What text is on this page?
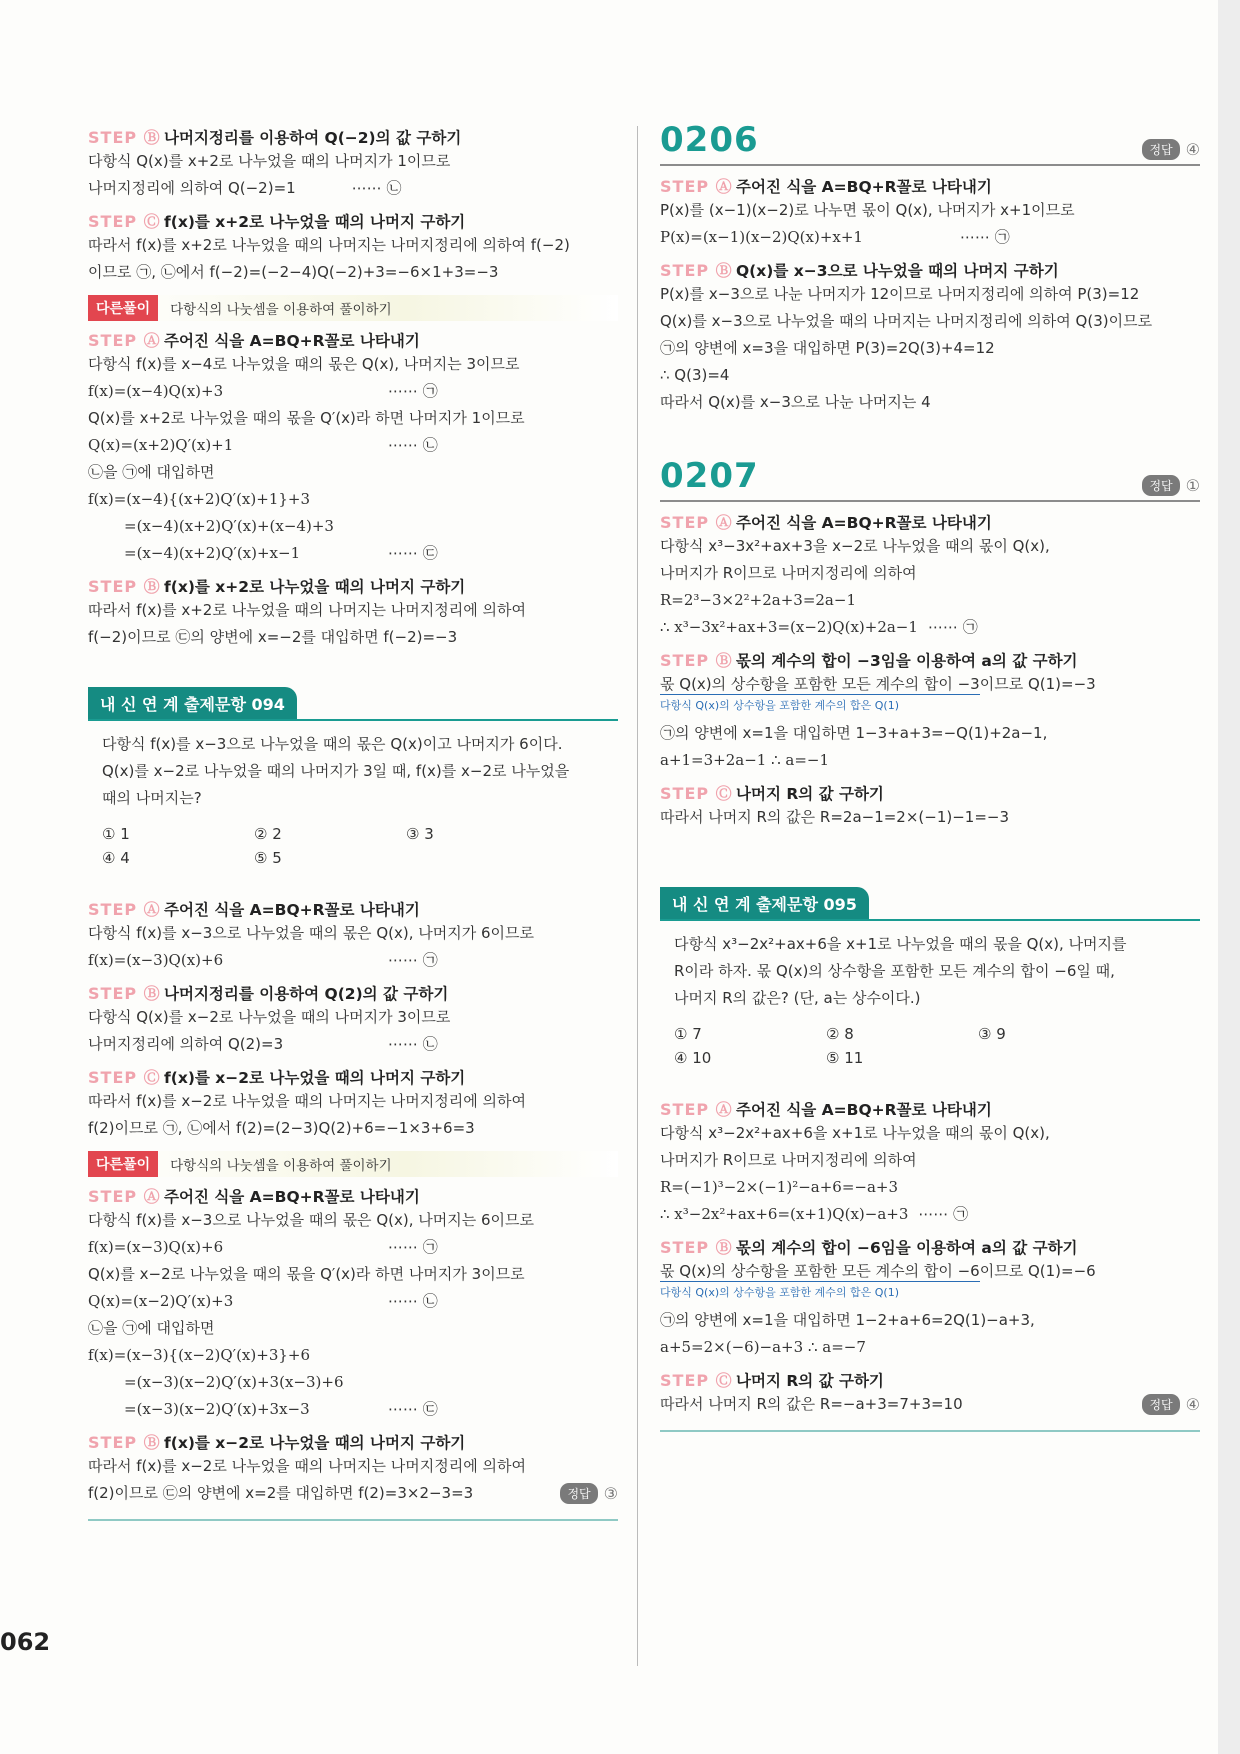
062
STEP Ⓑ 나머지정리를 이용하여 Q(−2)의 값 구하기
다항식 Q(x)를 x+2로 나누었을 때의 나머지가 1이므로
나머지정리에 의하여 Q(−2)=1	⋯⋯ ㉡
STEP Ⓒ f(x)를 x+2로 나누었을 때의 나머지 구하기
따라서 f(x)를 x+2로 나누었을 때의 나머지는 나머지정리에 의하여 f(−2)
이므로 ㉠, ㉡에서 f(−2)=(−2−4)Q(−2)+3=−6×1+3=−3
다른풀이	다항식의 나눗셈을 이용하여 풀이하기
STEP Ⓐ 주어진 식을 A=BQ+R꼴로 나타내기
다항식 f(x)를 x−4로 나누었을 때의 몫은 Q(x), 나머지는 3이므로
f(x)=(x−4)Q(x)+3	⋯⋯ ㉠
Q(x)를 x+2로 나누었을 때의 몫을 Q′(x)라 하면 나머지가 1이므로
Q(x)=(x+2)Q′(x)+1	⋯⋯ ㉡
㉡을 ㉠에 대입하면
f(x)=(x−4){(x+2)Q′(x)+1}+3
=(x−4)(x+2)Q′(x)+(x−4)+3
=(x−4)(x+2)Q′(x)+x−1	⋯⋯ ㉢
STEP Ⓑ f(x)를 x+2로 나누었을 때의 나머지 구하기
따라서 f(x)를 x+2로 나누었을 때의 나머지는 나머지정리에 의하여
f(−2)이므로 ㉢의 양변에 x=−2를 대입하면 f(−2)=−3
내 신 연 계 출제문항 094
다항식 f(x)를 x−3으로 나누었을 때의 몫은 Q(x)이고 나머지가 6이다.
Q(x)를 x−2로 나누었을 때의 나머지가 3일 때, f(x)를 x−2로 나누었을
때의 나머지는?
① 1	② 2	③ 3
④ 4	⑤ 5
STEP Ⓐ 주어진 식을 A=BQ+R꼴로 나타내기
다항식 f(x)를 x−3으로 나누었을 때의 몫은 Q(x), 나머지가 6이므로
f(x)=(x−3)Q(x)+6	⋯⋯ ㉠
STEP Ⓑ 나머지정리를 이용하여 Q(2)의 값 구하기
다항식 Q(x)를 x−2로 나누었을 때의 나머지가 3이므로
나머지정리에 의하여 Q(2)=3	⋯⋯ ㉡
STEP Ⓒ f(x)를 x−2로 나누었을 때의 나머지 구하기
따라서 f(x)를 x−2로 나누었을 때의 나머지는 나머지정리에 의하여
f(2)이므로 ㉠, ㉡에서 f(2)=(2−3)Q(2)+6=−1×3+6=3
다른풀이	다항식의 나눗셈을 이용하여 풀이하기
STEP Ⓐ 주어진 식을 A=BQ+R꼴로 나타내기
다항식 f(x)를 x−3으로 나누었을 때의 몫은 Q(x), 나머지는 6이므로
f(x)=(x−3)Q(x)+6	⋯⋯ ㉠
Q(x)를 x−2로 나누었을 때의 몫을 Q′(x)라 하면 나머지가 3이므로
Q(x)=(x−2)Q′(x)+3	⋯⋯ ㉡
㉡을 ㉠에 대입하면
f(x)=(x−3){(x−2)Q′(x)+3}+6
=(x−3)(x−2)Q′(x)+3(x−3)+6
=(x−3)(x−2)Q′(x)+3x−3	⋯⋯ ㉢
STEP Ⓑ f(x)를 x−2로 나누었을 때의 나머지 구하기
따라서 f(x)를 x−2로 나누었을 때의 나머지는 나머지정리에 의하여
f(2)이므로 ㉢의 양변에 x=2를 대입하면 f(2)=3×2−3=3	정답 ③
0206	정답 ④
STEP Ⓐ 주어진 식을 A=BQ+R꼴로 나타내기
P(x)를 (x−1)(x−2)로 나누면 몫이 Q(x), 나머지가 x+1이므로
P(x)=(x−1)(x−2)Q(x)+x+1	⋯⋯ ㉠
STEP Ⓑ Q(x)를 x−3으로 나누었을 때의 나머지 구하기
P(x)를 x−3으로 나눈 나머지가 12이므로 나머지정리에 의하여 P(3)=12
Q(x)를 x−3으로 나누었을 때의 나머지는 나머지정리에 의하여 Q(3)이므로
㉠의 양변에 x=3을 대입하면 P(3)=2Q(3)+4=12
∴ Q(3)=4
따라서 Q(x)를 x−3으로 나눈 나머지는 4
0207	정답 ①
STEP Ⓐ 주어진 식을 A=BQ+R꼴로 나타내기
다항식 x³−3x²+ax+3을 x−2로 나누었을 때의 몫이 Q(x),
나머지가 R이므로 나머지정리에 의하여
R=2³−3×2²+2a+3=2a−1
∴ x³−3x²+ax+3=(x−2)Q(x)+2a−1 ⋯⋯ ㉠
STEP Ⓑ 몫의 계수의 합이 −3임을 이용하여 a의 값 구하기
몫 Q(x)의 상수항을 포함한 모든 계수의 합이 −3이므로 Q(1)=−3
다항식 Q(x)의 상수항을 포함한 계수의 합은 Q(1)
㉠의 양변에 x=1을 대입하면 1−3+a+3=−Q(1)+2a−1,
a+1=3+2a−1 ∴ a=−1
STEP Ⓒ 나머지 R의 값 구하기
따라서 나머지 R의 값은 R=2a−1=2×(−1)−1=−3
내 신 연 계 출제문항 095
다항식 x³−2x²+ax+6을 x+1로 나누었을 때의 몫을 Q(x), 나머지를
R이라 하자. 몫 Q(x)의 상수항을 포함한 모든 계수의 합이 −6일 때,
나머지 R의 값은? (단, a는 상수이다.)
① 7	② 8	③ 9
④ 10	⑤ 11
STEP Ⓐ 주어진 식을 A=BQ+R꼴로 나타내기
다항식 x³−2x²+ax+6을 x+1로 나누었을 때의 몫이 Q(x),
나머지가 R이므로 나머지정리에 의하여
R=(−1)³−2×(−1)²−a+6=−a+3
∴ x³−2x²+ax+6=(x+1)Q(x)−a+3 ⋯⋯ ㉠
STEP Ⓑ 몫의 계수의 합이 −6임을 이용하여 a의 값 구하기
몫 Q(x)의 상수항을 포함한 모든 계수의 합이 −6이므로 Q(1)=−6
다항식 Q(x)의 상수항을 포함한 계수의 합은 Q(1)
㉠의 양변에 x=1을 대입하면 1−2+a+6=2Q(1)−a+3,
a+5=2×(−6)−a+3 ∴ a=−7
STEP Ⓒ 나머지 R의 값 구하기
따라서 나머지 R의 값은 R=−a+3=7+3=10	정답 ④
